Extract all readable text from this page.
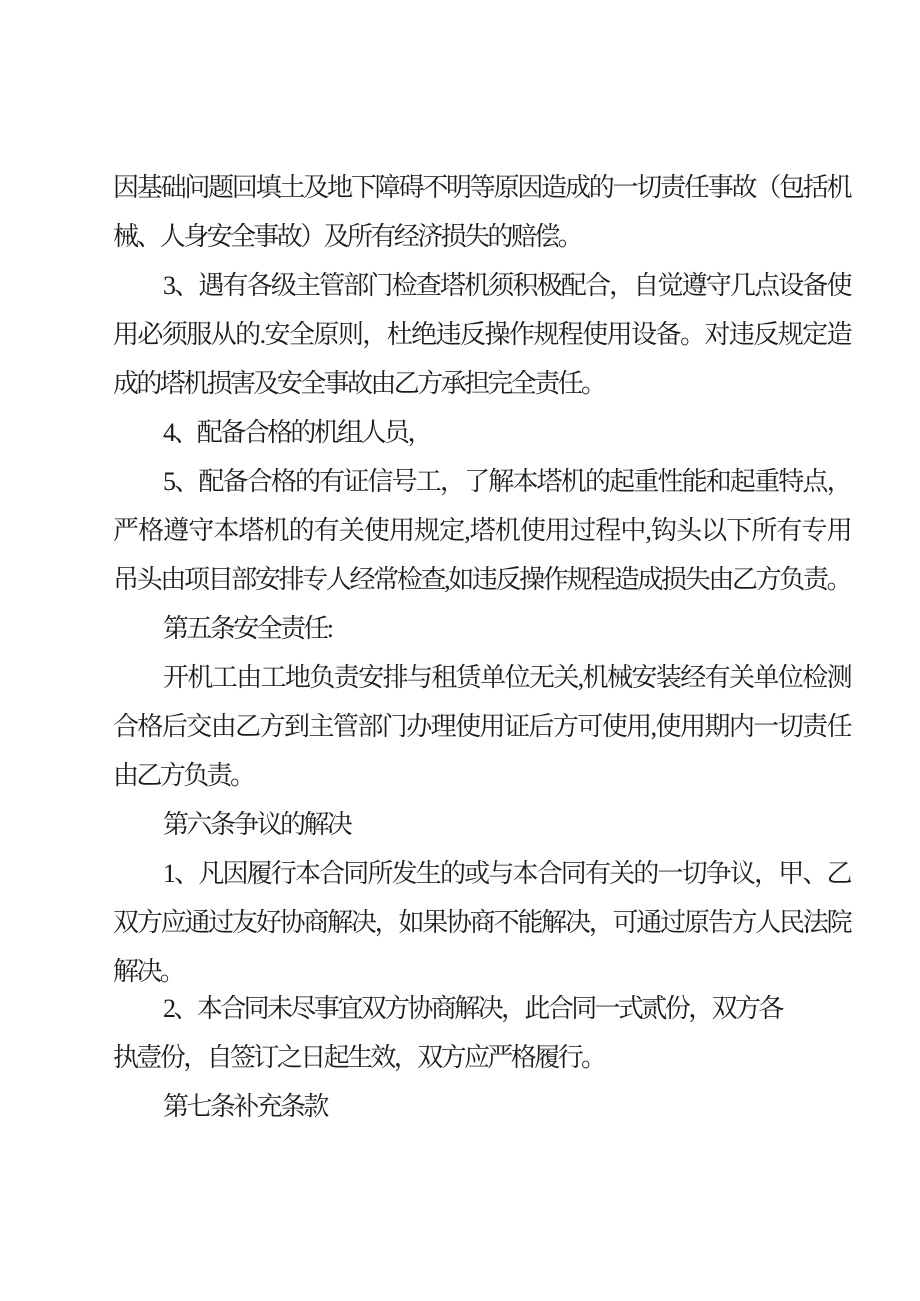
因基础问题回填土及地下障碍不明等原因造成的一切责任事故（包括机
械、人身安全事故）及所有经济损失的赔偿。
3、遇有各级主管部门检查塔机须积极配合，自觉遵守几点设备使
用必须服从的.安全原则，杜绝违反操作规程使用设备。对违反规定造
成的塔机损害及安全事故由乙方承担完全责任。
4、配备合格的机组人员，
5、配备合格的有证信号工，了解本塔机的起重性能和起重特点，
严格遵守本塔机的有关使用规定,塔机使用过程中,钩头以下所有专用
吊头由项目部安排专人经常检查,如违反操作规程造成损失由乙方负责。
第五条安全责任:
开机工由工地负责安排与租赁单位无关,机械安装经有关单位检测
合格后交由乙方到主管部门办理使用证后方可使用,使用期内一切责任
由乙方负责。
第六条争议的解决
1、凡因履行本合同所发生的或与本合同有关的一切争议，甲、乙
双方应通过友好协商解决，如果协商不能解决，可通过原告方人民法院
解决。
2、本合同未尽事宜双方协商解决，此合同一式贰份，双方各
执壹份，自签订之日起生效，双方应严格履行。
第七条补充条款
